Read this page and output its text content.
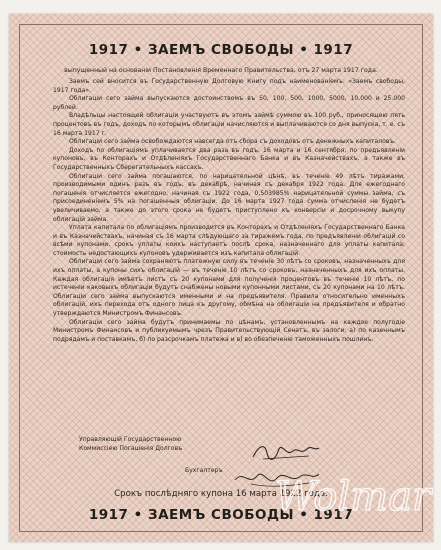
1917 • ЗАЕМЪ СВОБОДЫ • 1917
выпущенный на основаніи Постановленія Временнаго Правительства, отъ 27 марта 1917 года.

Заемъ сей вносится въ Государственную Долговую Книгу подъ наименованіемъ: «Заемъ свободы, 1917 года».

Облигаціи сего займа выпускаются достоинствомъ въ 50, 100, 500, 1000, 5000, 10.000 и 25.000 рублей.

Владѣльцы настоящей облигаціи участвуютъ въ этомъ займѣ суммою въ 100 руб., приносящею пять процентовъ въ годъ, доходъ по которымъ облигаціи начисляются и выплачиваются со дня выпуска, т. е. съ 16 марта 1917 г.

Облигаціи сего займа освобождаются навсегда отъ сбора съ доходовъ отъ денежныхъ капиталовъ.

Доходъ по облигаціямъ уплачивается два раза въ годъ, 16 марта и 16 сентября, по предъявленіи купоновъ, въ Конторахъ и Отдѣленіяхъ Государственнаго Банка и въ Казначействахъ, а также въ Государственныхъ Сберегательныхъ кассахъ.

Облигаціи сего займа погашаются, по нарицательной цѣнѣ, въ теченіе 49 лѣтъ тиражами, производимыми одинъ разъ въ годъ, въ декабрѣ, начиная съ декабря 1922 года. Для ежегоднаго погашенія отчисляется ежегодно, начиная съ 1922 года, 0,503985% нарицательной суммы займа, съ присоединеніемъ 5% на погашенныя облигаціи. До 16 марта 1927 года сумма отчисленія не будетъ увеличиваемо, а также до этого срока не будетъ приступлено къ конверсіи и досрочному выкупу облигацій займа.

Уплата капитала по облигаціямъ производится въ Конторахъ и Отдѣленіяхъ Государственнаго Банка и въ Казначействахъ, начиная съ 16 марта слѣдующаго за тиражемъ года, по предъявленіи облигацій со всѣми купонами, срокъ уплаты коихъ наступаетъ послѣ срока, назначеннаго для уплаты капитала; стоимость недостающихъ купоновъ удерживается изъ капитала облигацій.

Облигаціи сего займа сохраняютъ платежную силу въ теченіе 30 лѣтъ со сроковъ, назначенныхъ для ихъ оплаты, а купоны сихъ облигацій — въ теченіе 10 лѣтъ со сроковъ, назначенныхъ для ихъ оплаты. Каждая облигація имѣетъ листъ съ 20 купонами для полученія процентовъ въ теченіе 10 лѣтъ, по истеченіи каковыхъ облигаціи будутъ снабжены новыми купонными листами, съ 20 купонами на 10 лѣтъ. Облигаціи сего займа выпускаются именными и на предъявителя. Правила относительно именныхъ облигацій, ихъ перехода отъ одного лица къ другому, обмѣна на облигаціи на предъявителя и обратно утверждаются Министромъ Финансовъ.

Облигаціи сего займа будутъ принимаемы по цѣнамъ, установленнымъ на каждое полугодіе Министромъ Финансовъ и публикуемымъ чрезъ Правительствующій Сенатъ, въ залоги: а) по казеннымъ подрядамъ и поставкамъ, б) по разсрочкамъ платежа и в) во обезпеченіе таможенныхъ пошлинъ.

Управляющій Государственною
Коммиссіею Погашенія Долговъ
Бухгалтеръ
Срокъ послѣдняго купона 16 марта 1922 года.
1917 • ЗАЕМЪ СВОБОДЫ • 1917
Wolmar
